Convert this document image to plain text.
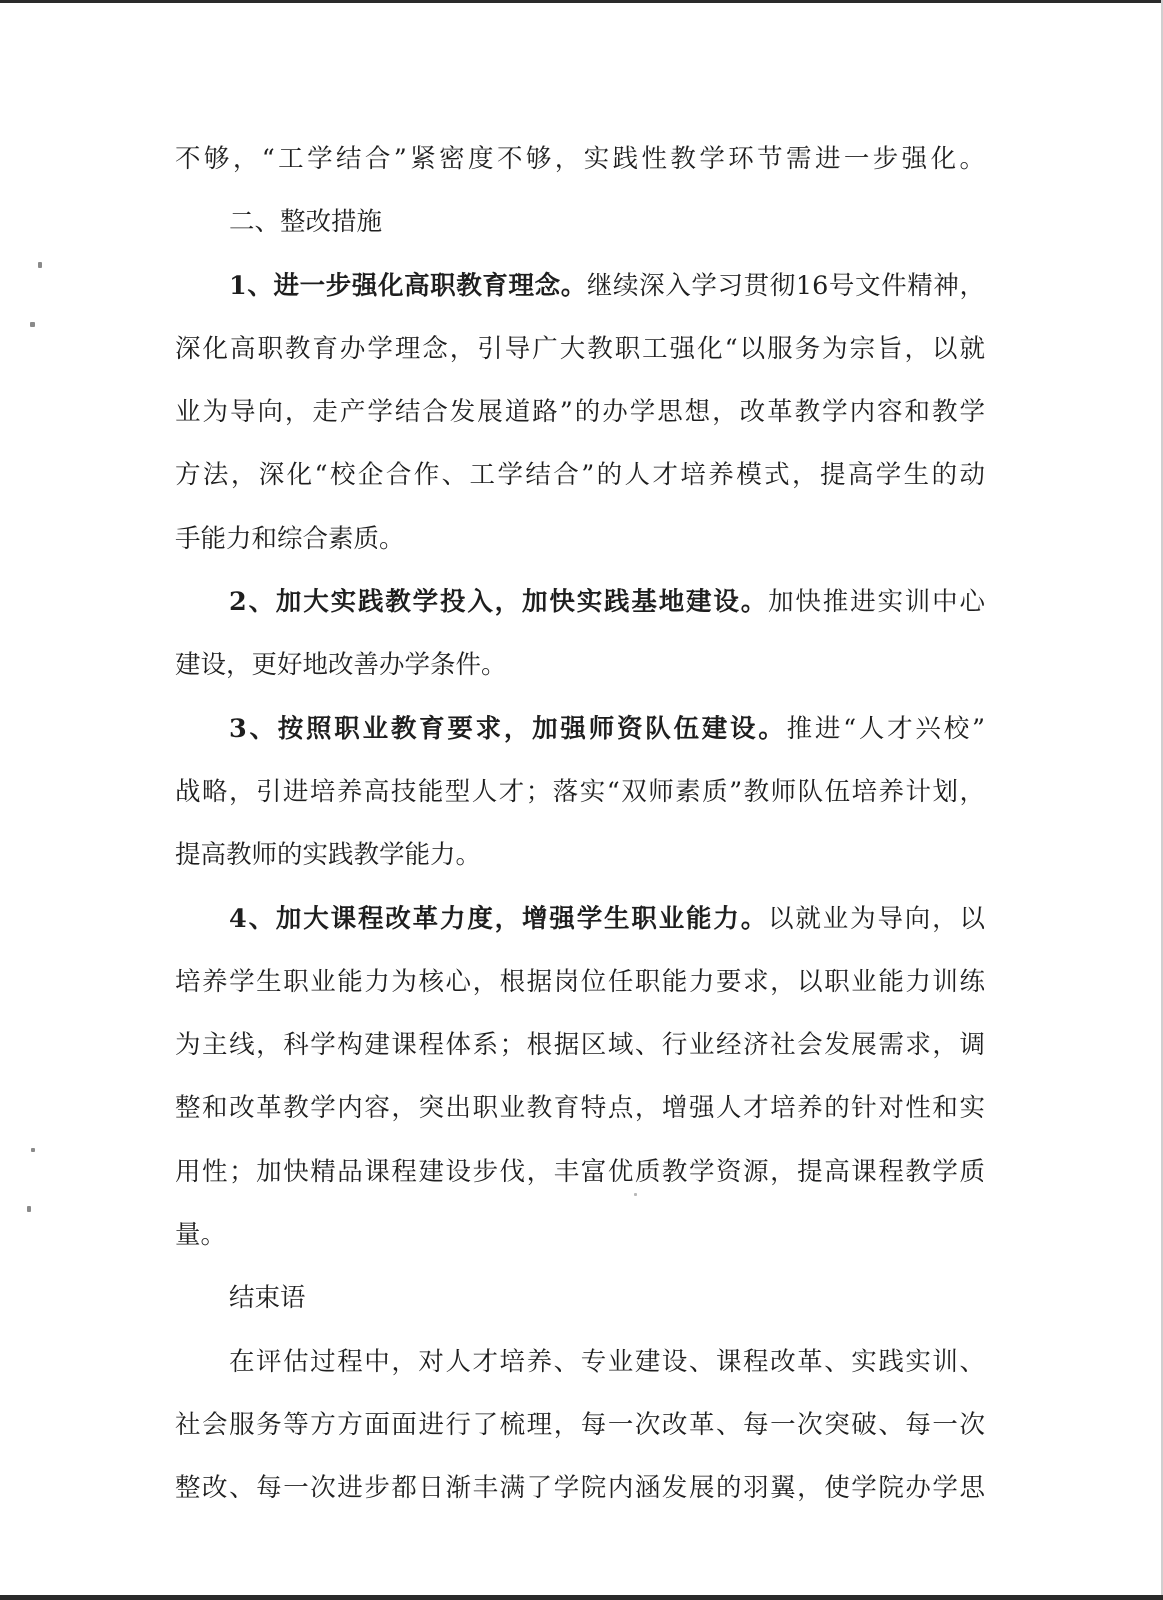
不够，“工学结合”紧密度不够，实践性教学环节需进一步强化。
二、整改措施
1、进一步强化高职教育理念。继续深入学习贯彻16号文件精神，
深化高职教育办学理念，引导广大教职工强化“以服务为宗旨，以就
业为导向，走产学结合发展道路”的办学思想，改革教学内容和教学
方法，深化“校企合作、工学结合”的人才培养模式，提高学生的动
手能力和综合素质。
2、加大实践教学投入，加快实践基地建设。加快推进实训中心
建设，更好地改善办学条件。
3、按照职业教育要求，加强师资队伍建设。推进“人才兴校”
战略，引进培养高技能型人才；落实“双师素质”教师队伍培养计划，
提高教师的实践教学能力。
4、加大课程改革力度，增强学生职业能力。以就业为导向，以
培养学生职业能力为核心，根据岗位任职能力要求，以职业能力训练
为主线，科学构建课程体系；根据区域、行业经济社会发展需求，调
整和改革教学内容，突出职业教育特点，增强人才培养的针对性和实
用性；加快精品课程建设步伐，丰富优质教学资源，提高课程教学质
量。
结束语
在评估过程中，对人才培养、专业建设、课程改革、实践实训、
社会服务等方方面面进行了梳理，每一次改革、每一次突破、每一次
整改、每一次进步都日渐丰满了学院内涵发展的羽翼，使学院办学思
